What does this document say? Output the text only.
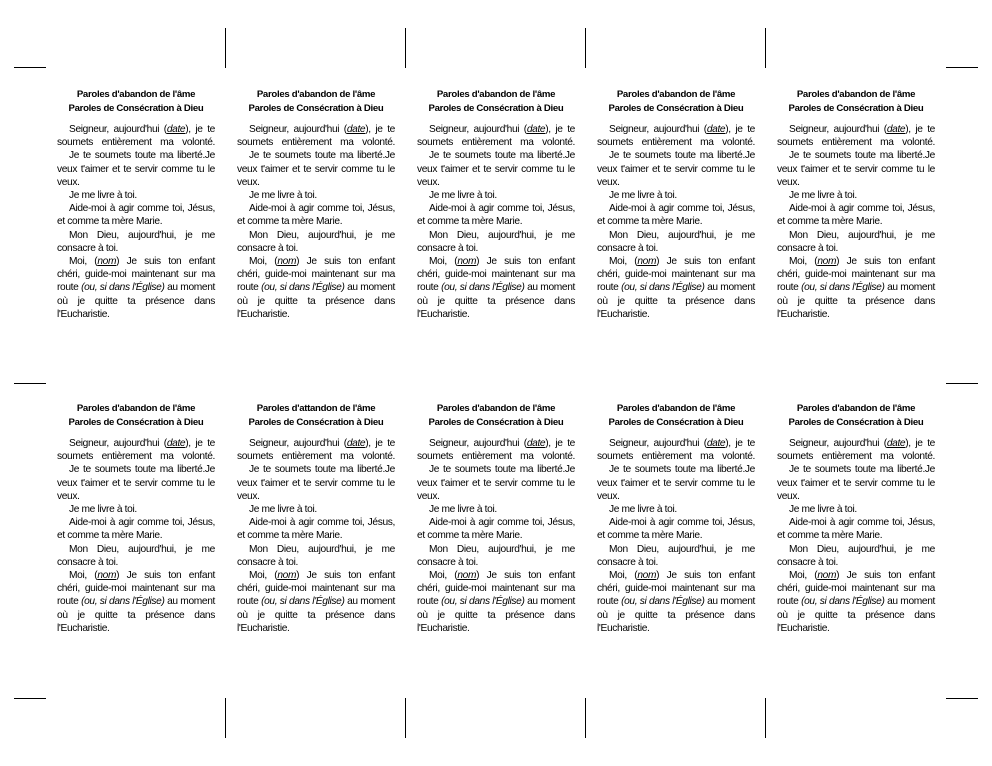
Paroles d'abandon de l'âme
Paroles de Consécration à Dieu

Seigneur, aujourd'hui (date), je te soumets entièrement ma volonté.

Je te soumets toute ma liberté.Je veux t'aimer et te servir comme tu le veux.

Je me livre à toi.

Aide-moi à agir comme toi, Jésus, et comme ta mère Marie.

Mon Dieu, aujourd'hui, je me consacre à toi.

Moi, (nom) Je suis ton enfant chéri, guide-moi maintenant sur ma route (ou, si dans l'Église) au moment où je quitte ta présence dans l'Eucharistie.

Paroles d'abandon de l'âme
Paroles de Consécration à Dieu

Seigneur, aujourd'hui (date), je te soumets entièrement ma volonté.

Je te soumets toute ma liberté.Je veux t'aimer et te servir comme tu le veux.

Je me livre à toi.

Aide-moi à agir comme toi, Jésus, et comme ta mère Marie.

Mon Dieu, aujourd'hui, je me consacre à toi.

Moi, (nom) Je suis ton enfant chéri, guide-moi maintenant sur ma route (ou, si dans l'Église) au moment où je quitte ta présence dans l'Eucharistie.

Paroles d'abandon de l'âme
Paroles de Consécration à Dieu

Seigneur, aujourd'hui (date), je te soumets entièrement ma volonté.

Je te soumets toute ma liberté.Je veux t'aimer et te servir comme tu le veux.

Je me livre à toi.

Aide-moi à agir comme toi, Jésus, et comme ta mère Marie.

Mon Dieu, aujourd'hui, je me consacre à toi.

Moi, (nom) Je suis ton enfant chéri, guide-moi maintenant sur ma route (ou, si dans l'Église) au moment où je quitte ta présence dans l'Eucharistie.

Paroles d'abandon de l'âme
Paroles de Consécration à Dieu

Seigneur, aujourd'hui (date), je te soumets entièrement ma volonté.

Je te soumets toute ma liberté.Je veux t'aimer et te servir comme tu le veux.

Je me livre à toi.

Aide-moi à agir comme toi, Jésus, et comme ta mère Marie.

Mon Dieu, aujourd'hui, je me consacre à toi.

Moi, (nom) Je suis ton enfant chéri, guide-moi maintenant sur ma route (ou, si dans l'Église) au moment où je quitte ta présence dans l'Eucharistie.

Paroles d'abandon de l'âme
Paroles de Consécration à Dieu

Seigneur, aujourd'hui (date), je te soumets entièrement ma volonté.

Je te soumets toute ma liberté.Je veux t'aimer et te servir comme tu le veux.

Je me livre à toi.

Aide-moi à agir comme toi, Jésus, et comme ta mère Marie.

Mon Dieu, aujourd'hui, je me consacre à toi.

Moi, (nom) Je suis ton enfant chéri, guide-moi maintenant sur ma route (ou, si dans l'Église) au moment où je quitte ta présence dans l'Eucharistie.

Paroles d'abandon de l'âme
Paroles de Consécration à Dieu

Seigneur, aujourd'hui (date), je te soumets entièrement ma volonté.

Je te soumets toute ma liberté.Je veux t'aimer et te servir comme tu le veux.

Je me livre à toi.

Aide-moi à agir comme toi, Jésus, et comme ta mère Marie.

Mon Dieu, aujourd'hui, je me consacre à toi.

Moi, (nom) Je suis ton enfant chéri, guide-moi maintenant sur ma route (ou, si dans l'Église) au moment où je quitte ta présence dans l'Eucharistie.

Paroles d'attandon de l'âme
Paroles de Consécration à Dieu

Seigneur, aujourd'hui (date), je te soumets entièrement ma volonté.

Je te soumets toute ma liberté.Je veux t'aimer et te servir comme tu le veux.

Je me livre à toi.

Aide-moi à agir comme toi, Jésus, et comme ta mère Marie.

Mon Dieu, aujourd'hui, je me consacre à toi.

Moi, (nom) Je suis ton enfant chéri, guide-moi maintenant sur ma route (ou, si dans l'Église) au moment où je quitte ta présence dans l'Eucharistie.

Paroles d'abandon de l'âme
Paroles de Consécration à Dieu

Seigneur, aujourd'hui (date), je te soumets entièrement ma volonté.

Je te soumets toute ma liberté.Je veux t'aimer et te servir comme tu le veux.

Je me livre à toi.

Aide-moi à agir comme toi, Jésus, et comme ta mère Marie.

Mon Dieu, aujourd'hui, je me consacre à toi.

Moi, (nom) Je suis ton enfant chéri, guide-moi maintenant sur ma route (ou, si dans l'Église) au moment où je quitte ta présence dans l'Eucharistie.

Paroles d'abandon de l'âme
Paroles de Consécration à Dieu

Seigneur, aujourd'hui (date), je te soumets entièrement ma volonté.

Je te soumets toute ma liberté.Je veux t'aimer et te servir comme tu le veux.

Je me livre à toi.

Aide-moi à agir comme toi, Jésus, et comme ta mère Marie.

Mon Dieu, aujourd'hui, je me consacre à toi.

Moi, (nom) Je suis ton enfant chéri, guide-moi maintenant sur ma route (ou, si dans l'Église) au moment où je quitte ta présence dans l'Eucharistie.

Paroles d'abandon de l'âme
Paroles de Consécration à Dieu

Seigneur, aujourd'hui (date), je te soumets entièrement ma volonté.

Je te soumets toute ma liberté.Je veux t'aimer et te servir comme tu le veux.

Je me livre à toi.

Aide-moi à agir comme toi, Jésus, et comme ta mère Marie.

Mon Dieu, aujourd'hui, je me consacre à toi.

Moi, (nom) Je suis ton enfant chéri, guide-moi maintenant sur ma route (ou, si dans l'Église) au moment où je quitte ta présence dans l'Eucharistie.
